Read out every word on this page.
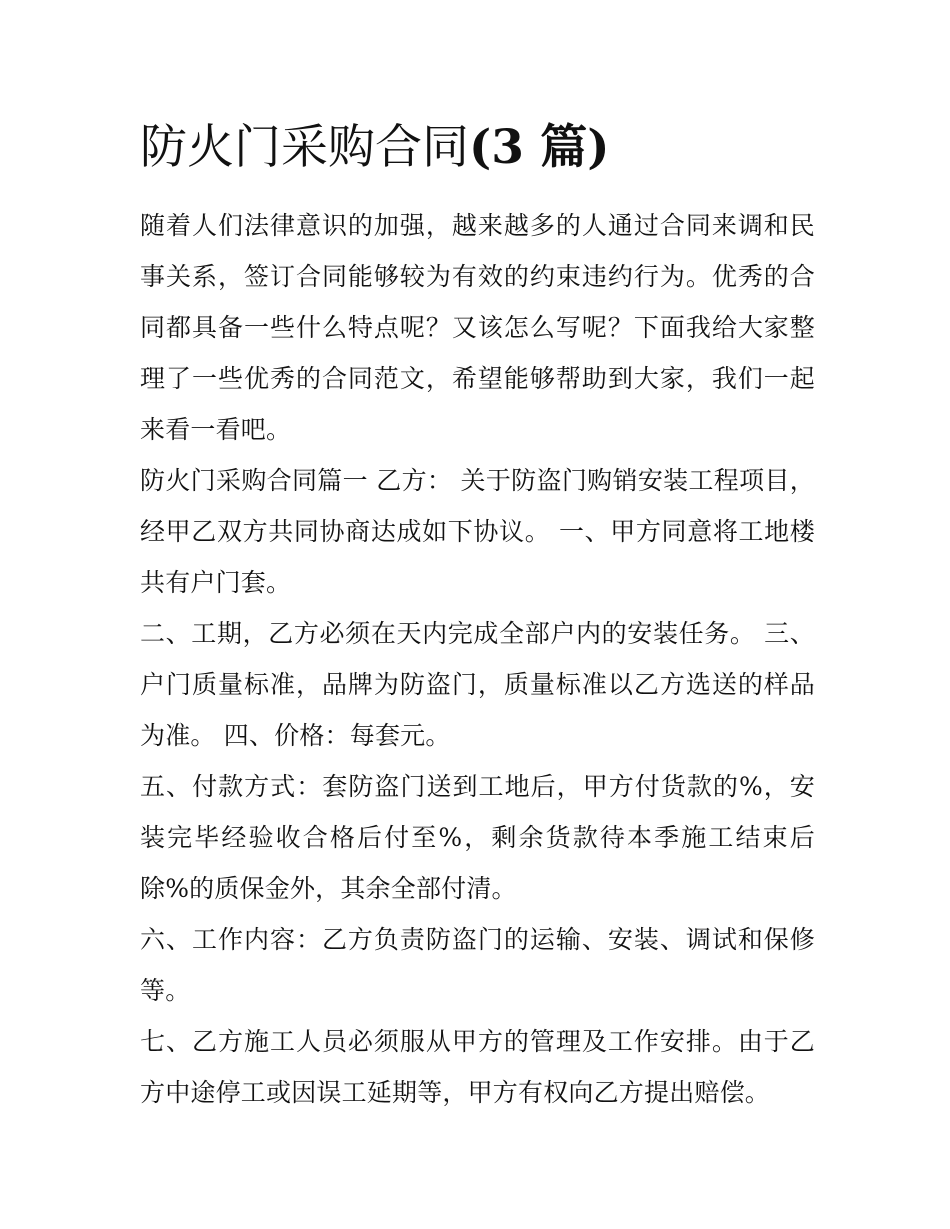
防火门采购合同(3 篇)

随着人们法律意识的加强，越来越多的人通过合同来调和民事关系，签订合同能够较为有效的约束违约行为。优秀的合同都具备一些什么特点呢？又该怎么写呢？下面我给大家整理了一些优秀的合同范文，希望能够帮助到大家，我们一起来看一看吧。

防火门采购合同篇一 乙方： 关于防盗门购销安装工程项目，经甲乙双方共同协商达成如下协议。 一、甲方同意将工地楼共有户门套。

二、工期，乙方必须在天内完成全部户内的安装任务。 三、户门质量标准，品牌为防盗门，质量标准以乙方选送的样品为准。 四、价格：每套元。

五、付款方式：套防盗门送到工地后，甲方付货款的%，安装完毕经验收合格后付至%，剩余货款待本季施工结束后除%的质保金外，其余全部付清。

六、工作内容：乙方负责防盗门的运输、安装、调试和保修等。

七、乙方施工人员必须服从甲方的管理及工作安排。由于乙方中途停工或因误工延期等，甲方有权向乙方提出赔偿。
